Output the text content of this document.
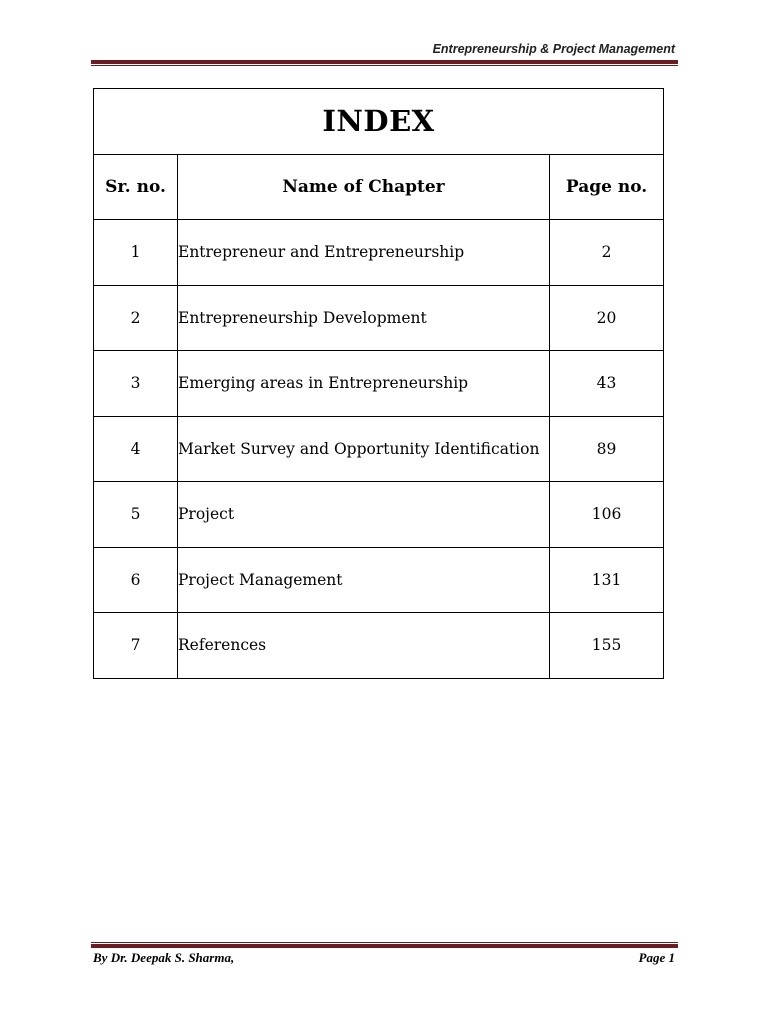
Entrepreneurship & Project Management
INDEX		
Sr. no.	Name of Chapter	Page no.
1	Entrepreneur and Entrepreneurship	2
2	Entrepreneurship Development	20
3	Emerging areas in Entrepreneurship	43
4	Market Survey and Opportunity Identification	89
5	Project	106
6	Project Management	131
7	References	155
By Dr. Deepak S. Sharma,	Page 1
